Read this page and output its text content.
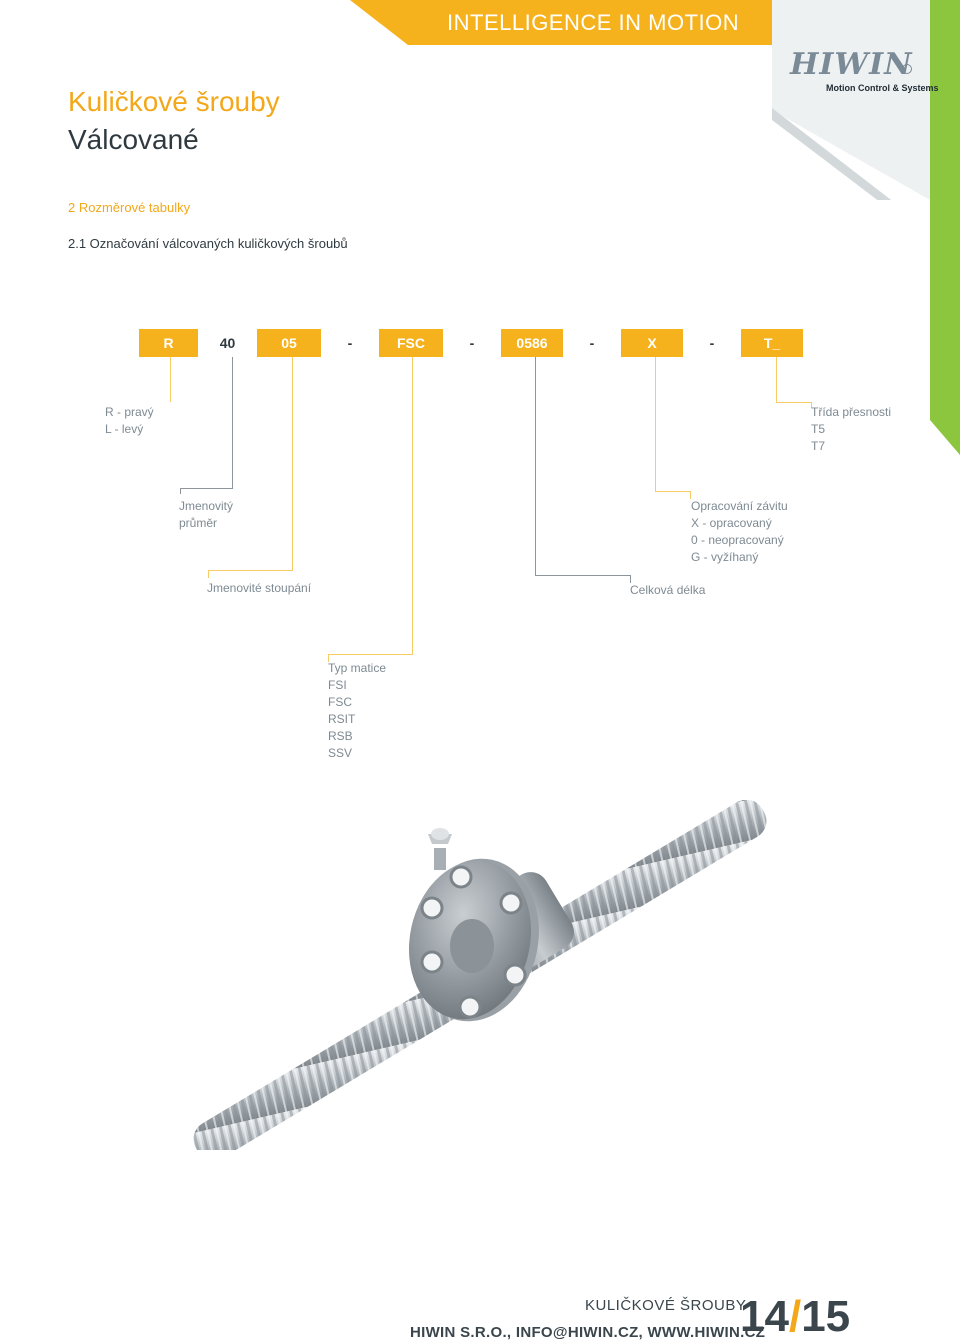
INTELLIGENCE IN MOTION
HIWIN
Motion Control & Systems
Kuličkové šrouby
Válcované
2 Rozměrové tabulky
2.1 Označování válcovaných kuličkových šroubů
R	40	05	-	FSC	-	0586	-	X	-	T_
R - pravý
L - levý
Třída přesnosti
T5
T7
Jmenovitý
průměr
Opracování závitu
X - opracovaný
0 - neopracovaný
G - vyžíhaný
Jmenovité stoupání	Celková délka
Typ matice
FSI
FSC
RSIT
RSB
SSV
KULIČKOVÉ ŠROUBY
HIWIN S.R.O., INFO@HIWIN.CZ, WWW.HIWIN.CZ
14/15
